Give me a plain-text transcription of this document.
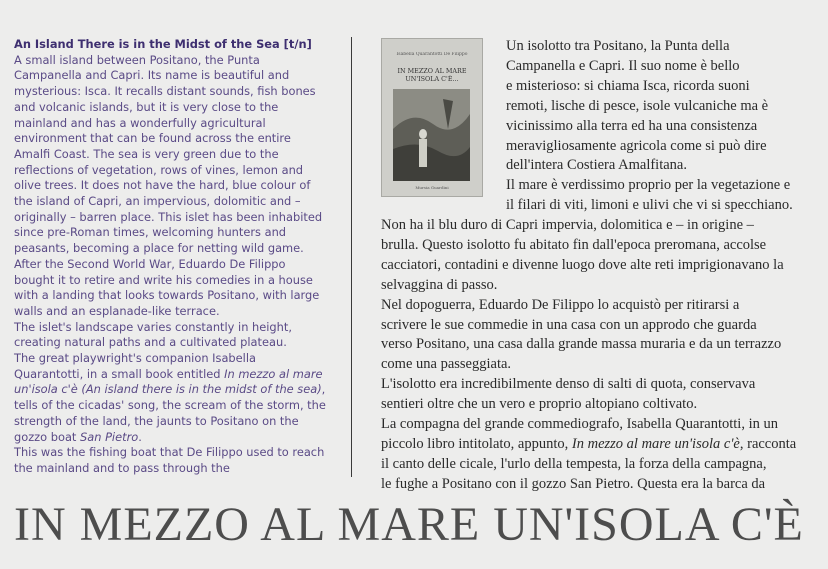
An Island There is in the Midst of the Sea [t/n]

A small island between Positano, the Punta Campanella and Capri. Its name is beautiful and mysterious: Isca. It recalls distant sounds, fish bones and volcanic islands, but it is very close to the mainland and has a wonderfully agricultural environment that can be found across the entire Amalfi Coast. The sea is very green due to the reflections of vegetation, rows of vines, lemon and olive trees. It does not have the hard, blue colour of the island of Capri, an impervious, dolomitic and – originally – barren place. This islet has been inhabited since pre-Roman times, welcoming hunters and peasants, becoming a place for netting wild game.

After the Second World War, Eduardo De Filippo bought it to retire and write his comedies in a house with a landing that looks towards Positano, with large walls and an esplanade-like terrace.

The islet's landscape varies constantly in height, creating natural paths and a cultivated plateau.

The great playwright's companion Isabella Quarantotti, in a small book entitled In mezzo al mare un'isola c'è (An island there is in the midst of the sea), tells of the cicadas' song, the scream of the storm, the strength of the land, the jaunts to Positano on the gozzo boat San Pietro.

This was the fishing boat that De Filippo used to reach the mainland and to pass through the

Isabella Quarantotti De Filippo
IN MEZZO AL MARE
UN'ISOLA C'È...
Mursia Guardini

Un isolotto tra Positano, la Punta della

Campanella e Capri. Il suo nome è bello

e misterioso: si chiama Isca, ricorda suoni

remoti, lische di pesce, isole vulcaniche ma è

vicinissimo alla terra ed ha una consistenza

meravigliosamente agricola come si può dire

dell'intera Costiera Amalfitana.

Il mare è verdissimo proprio per la vegetazione e

il filari di viti, limoni e ulivi che vi si specchiano.

Non ha il blu duro di Capri impervia, dolomitica e – in origine –

brulla. Questo isolotto fu abitato fin dall'epoca preromana, accolse

cacciatori, contadini e divenne luogo dove alte reti imprigionavano la

selvaggina di passo.

Nel dopoguerra, Eduardo De Filippo lo acquistò per ritirarsi a

scrivere le sue commedie in una casa con un approdo che guarda

verso Positano, una casa dalla grande massa muraria e da un terrazzo

come una passeggiata.

L'isolotto era incredibilmente denso di salti di quota, conservava

sentieri oltre che un vero e proprio altopiano coltivato.

La compagna del grande commediografo, Isabella Quarantotti, in un

piccolo libro intitolato, appunto, In mezzo al mare un'isola c'è, racconta

il canto delle cicale, l'urlo della tempesta, la forza della campagna,

le fughe a Positano con il gozzo San Pietro. Questa era la barca da

IN MEZZO AL MARE UN'ISOLA C'È
